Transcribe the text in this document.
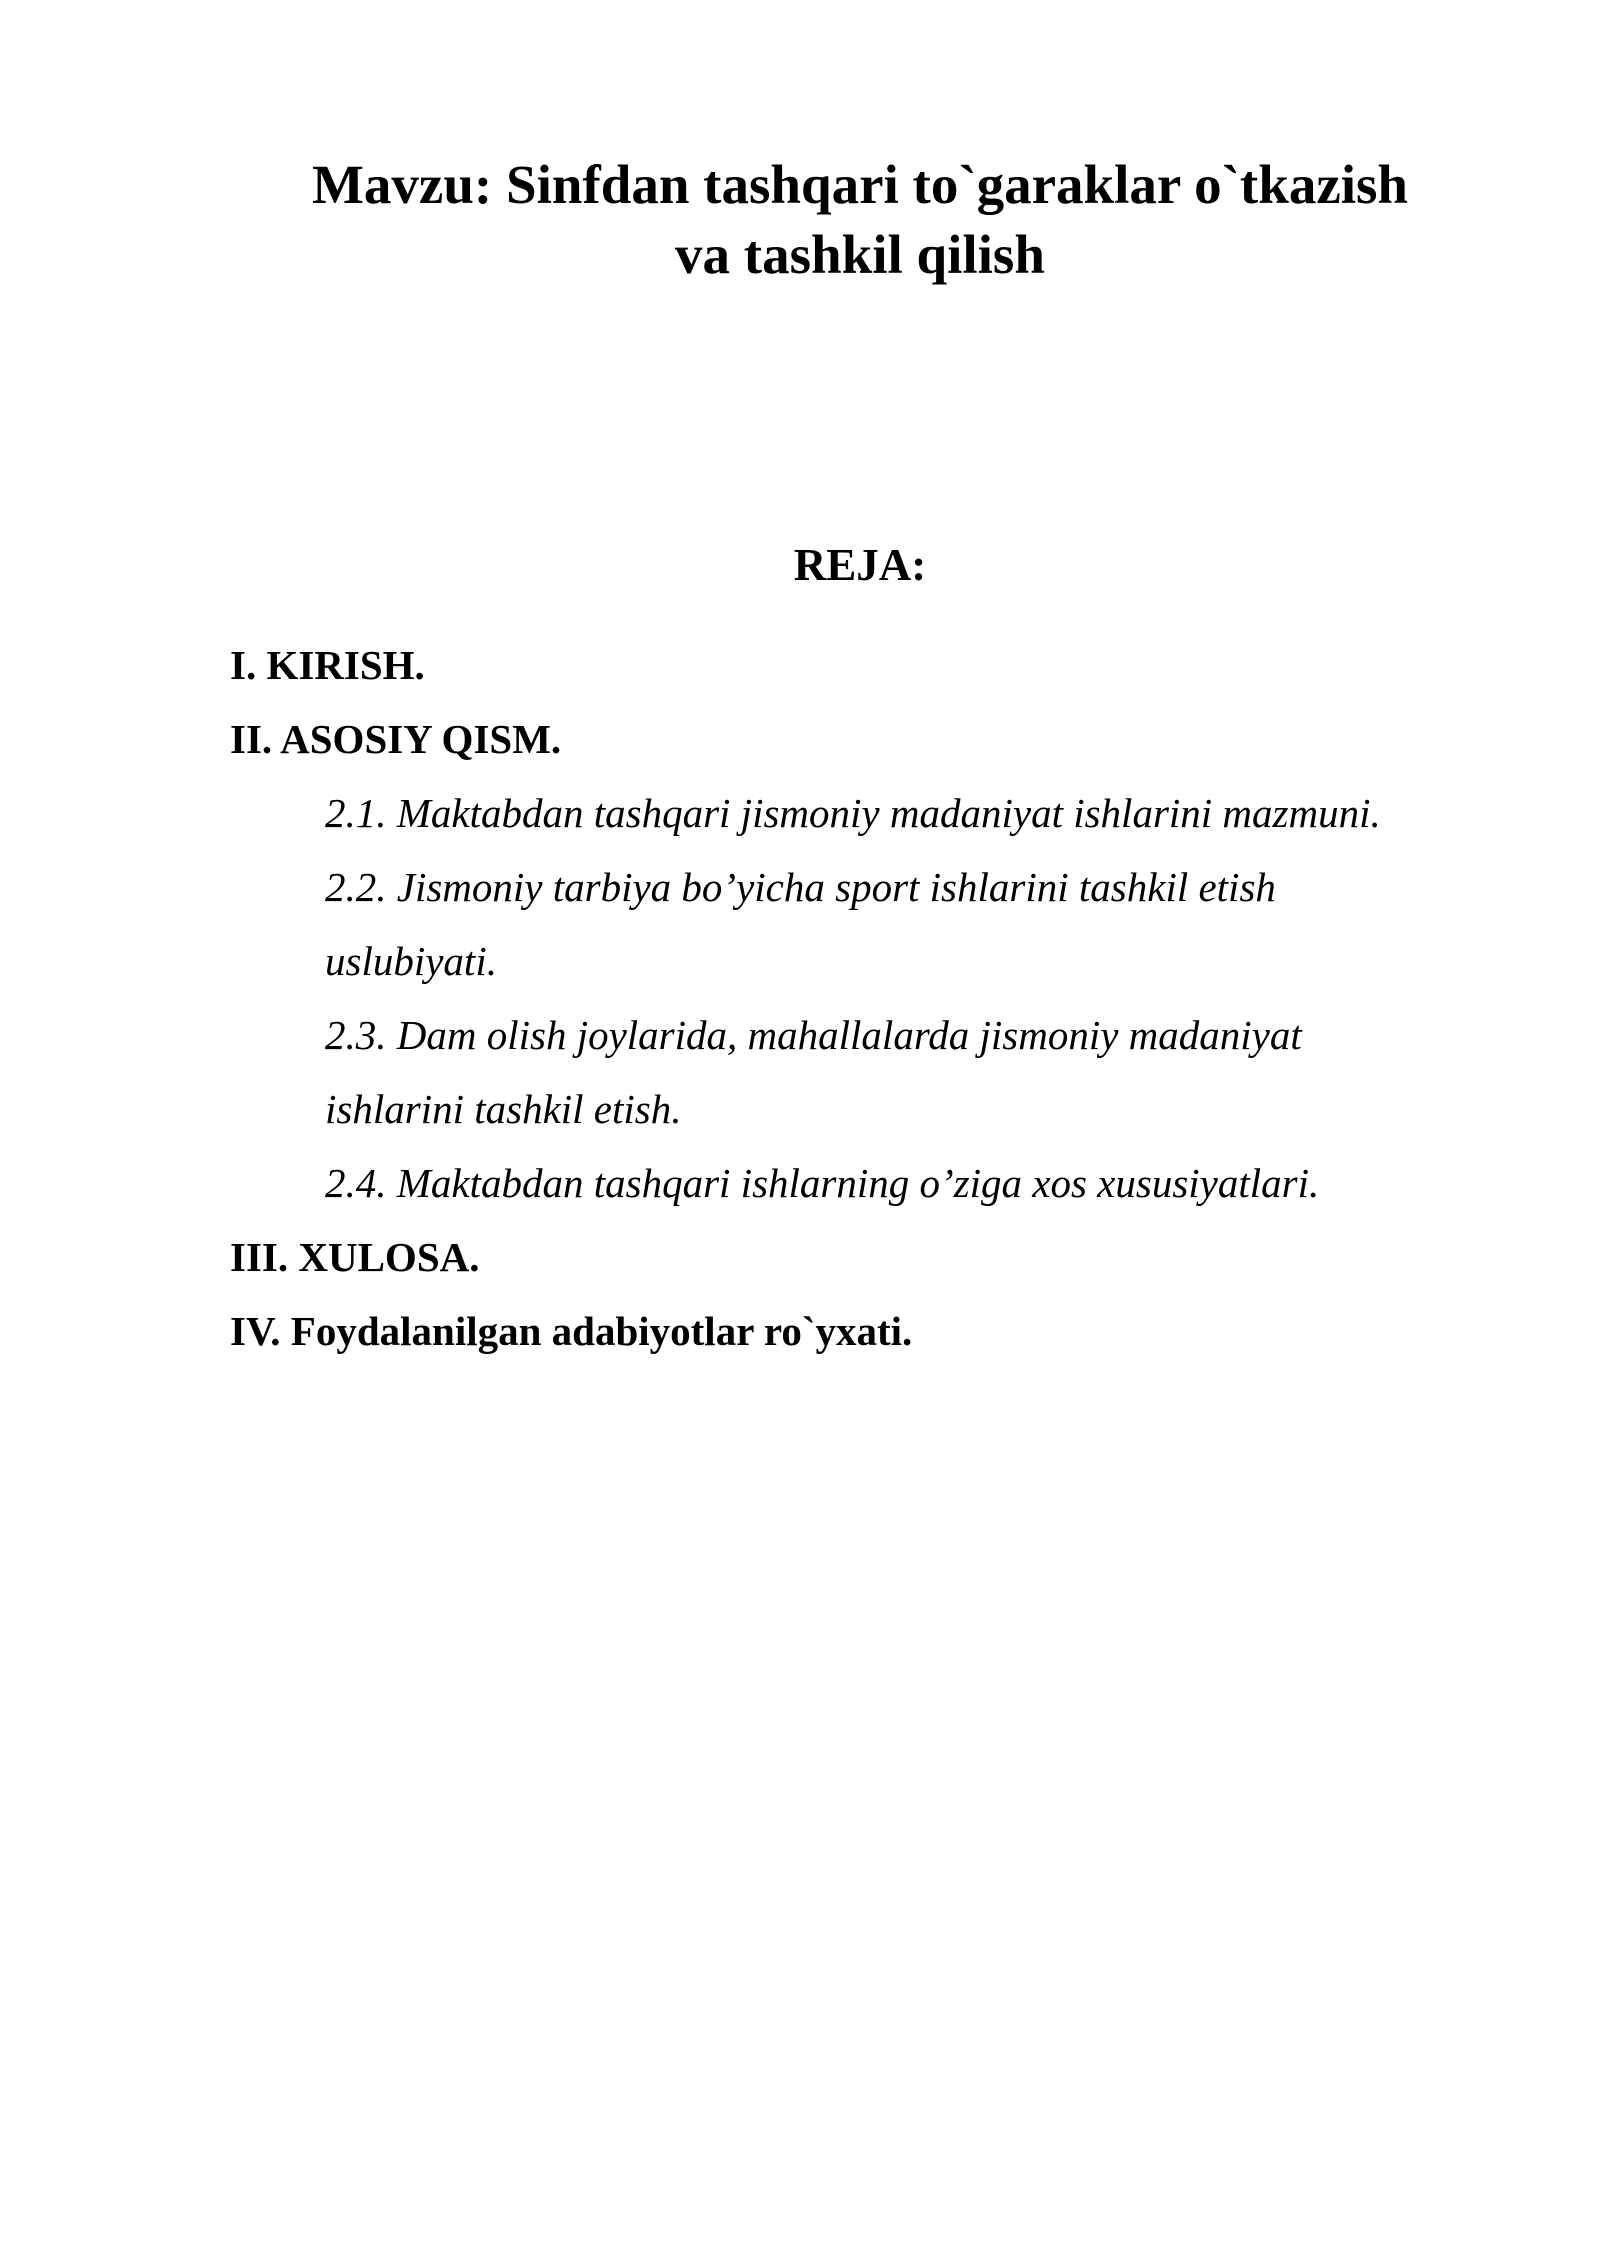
Mavzu: Sinfdan tashqari to`garaklar o`tkazish
va tashkil qilish
REJA:

I. KIRISH.

II. ASOSIY QISM.

2.1. Maktabdan tashqari jismoniy madaniyat ishlarini mazmuni.

2.2. Jismoniy tarbiya bo’yicha sport ishlarini tashkil etish

uslubiyati.

2.3. Dam olish joylarida, mahallalarda jismoniy madaniyat

ishlarini tashkil etish.

2.4. Maktabdan tashqari ishlarning o’ziga xos xususiyatlari.

III. XULOSA.

IV. Foydalanilgan adabiyotlar ro`yxati.
